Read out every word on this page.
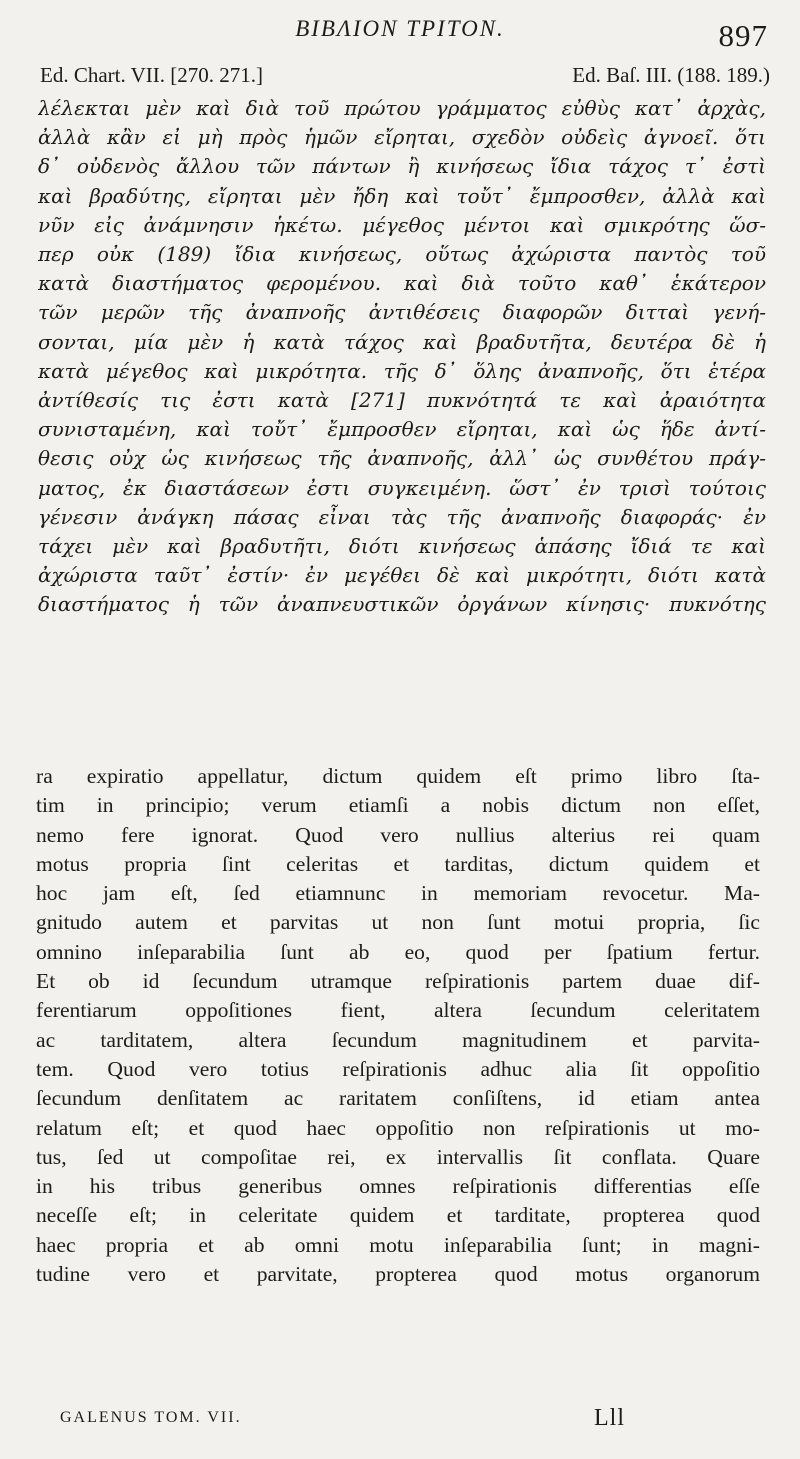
ΒΙΒΛΙΟΝ ΤΡΙΤΟΝ.	897
Ed. Chart. VII. [270. 271.]	Ed. Baſ. III. (188. 189.)
λέλεκται μὲν καὶ διὰ τοῦ πρώτου γράμματος εὐθὺς κατ᾽ ἀρχὰς,
ἀλλὰ κἂν εἰ μὴ πρὸς ἡμῶν εἴρηται, σχεδὸν οὐδεὶς ἀγνοεῖ. ὅτι
δ᾽ οὐδενὸς ἄλλου τῶν πάντων ἢ κινήσεως ἴδια τάχος τ᾽ ἐστὶ
καὶ βραδύτης, εἴρηται μὲν ἤδη καὶ τοὔτ᾽ ἔμπροσθεν, ἀλλὰ καὶ
νῦν εἰς ἀνάμνησιν ἡκέτω. μέγεθος μέντοι καὶ σμικρότης ὥσ-
περ οὐκ (189) ἴδια κινήσεως, οὕτως ἀχώριστα παντὸς τοῦ
κατὰ διαστήματος φερομένου. καὶ διὰ τοῦτο καθ᾽ ἑκάτερον
τῶν μερῶν τῆς ἀναπνοῆς ἀντιθέσεις διαφορῶν διτταὶ γενή-
σονται, μία μὲν ἡ κατὰ τάχος καὶ βραδυτῆτα, δευτέρα δὲ ἡ
κατὰ μέγεθος καὶ μικρότητα. τῆς δ᾽ ὅλης ἀναπνοῆς, ὅτι ἑτέρα
ἀντίθεσίς τις ἐστι κατὰ [271] πυκνότητά τε καὶ ἀραιότητα
συνισταμένη, καὶ τοὔτ᾽ ἔμπροσθεν εἴρηται, καὶ ὡς ἥδε ἀντί-
θεσις οὐχ ὡς κινήσεως τῆς ἀναπνοῆς, ἀλλ᾽ ὡς συνθέτου πράγ-
ματος, ἐκ διαστάσεων ἐστι συγκειμένη. ὥστ᾽ ἐν τρισὶ τούτοις
γένεσιν ἀνάγκη πάσας εἶναι τὰς τῆς ἀναπνοῆς διαφοράς· ἐν
τάχει μὲν καὶ βραδυτῆτι, διότι κινήσεως ἁπάσης ἴδιά τε καὶ
ἀχώριστα ταῦτ᾽ ἐστίν· ἐν μεγέθει δὲ καὶ μικρότητι, διότι κατὰ
διαστήματος ἡ τῶν ἀναπνευστικῶν ὀργάνων κίνησις· πυκνότης
ra expiratio appellatur, dictum quidem eſt primo libro ſta-
tim in principio; verum etiamſi a nobis dictum non eſſet,
nemo fere ignorat. Quod vero nullius alterius rei quam
motus propria ſint celeritas et tarditas, dictum quidem et
hoc jam eſt, ſed etiamnunc in memoriam revocetur. Ma-
gnitudo autem et parvitas ut non ſunt motui propria, ſic
omnino inſeparabilia ſunt ab eo, quod per ſpatium fertur.
Et ob id ſecundum utramque reſpirationis partem duae dif-
ferentiarum oppoſitiones fient, altera ſecundum celeritatem
ac tarditatem, altera ſecundum magnitudinem et parvita-
tem. Quod vero totius reſpirationis adhuc alia ſit oppoſitio
ſecundum denſitatem ac raritatem conſiſtens, id etiam antea
relatum eſt; et quod haec oppoſitio non reſpirationis ut mo-
tus, ſed ut compoſitae rei, ex intervallis ſit conflata. Quare
in his tribus generibus omnes reſpirationis differentias eſſe
neceſſe eſt; in celeritate quidem et tarditate, propterea quod
haec propria et ab omni motu inſeparabilia ſunt; in magni-
tudine vero et parvitate, propterea quod motus organorum
GALENUS TOM. VII.	Lll
